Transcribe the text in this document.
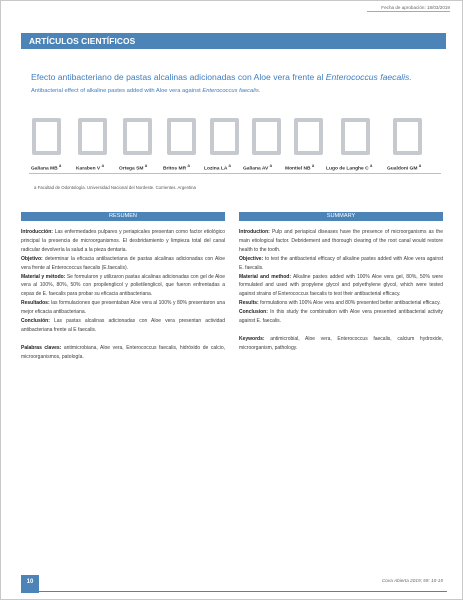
Fecha de aprobación: 18/03/2019
ARTÍCULOS CIENTÍFICOS
Efecto antibacteriano de pastas alcalinas adicionadas con Aloe vera frente al Enterococcus faecalis.
Antibacterial effect of alkaline pastes added with Aloe vera against Enterococcus faecalis.
Galiana MB $^a$
Karaben V $^a$
Ortega SM $^a$
Britos MR $^a$
Lozina LA $^a$
Galiana AV $^a$
Montiel NB $^a$
Lugo de Langhe C $^a$
Gualdoni GM $^a$
a Facultad de Odontología. Universidad Nacional del Nordeste. Corrientes. Argentina
RESUMEN

Introducción: Las enfermedades pulpares y periapicales presentan como factor etiológico principal la presencia de microorganismos. El desbridamiento y limpieza total del canal radicular devolvería la salud a la pieza dentaria.

Objetivo: determinar la eficacia antibacteriana de pastas alcalinas adicionadas con Aloe vera frente al Enterococcus faecalis (E.faecalis).

Material y método: Se formularon y utilizaron pastas alcalinas adicionadas con gel de Aloe vera al 100%, 80%, 50% con propilenglicol y polietilenglicol, que fueron enfrentadas a cepas de E. faecalis para probar su eficacia antibacteriana.

Resultados: las formulaciones que presentaban Aloe vera al 100% y 80% presentaron una mejor eficacia antibacteriana.

Conclusión: Las pastas alcalinas adicionadas con Aloe vera presentan actividad antibacteriana frente al E faecalis.

Palabras claves: antimicrobiana, Aloe vera, Enterococcus faecalis, hidróxido de calcio, microorganismos, patología.

SUMMARY

Introduction: Pulp and periapical diseases have the presence of microorganisms as the main etiological factor. Debridement and thorough clearing of the root canal would restore health to the tooth.

Objective: to test the antibacterial efficacy of alkaline pastes added with Aloe vera against E. faecalis.

Material and method: Alkaline pastes added with 100% Aloe vera gel, 80%, 50% were formulated and used with propylene glycol and polyethylene glycol, which were tested against strains of Enterococcus faecalis to test their antibacterial efficacy.

Results: formulations with 100% Aloe vera and 80% presented better antibacterial efficacy.

Conclusion: In this study the combination with Aloe vera presented antibacterial activity against E. faecalis.

Keywords: antimicrobial, Aloe vera, Enterococcus faecalis, calcium hydroxide, microorganism, pathology.

10	Cova Abierta 2019; 59: 10-15
